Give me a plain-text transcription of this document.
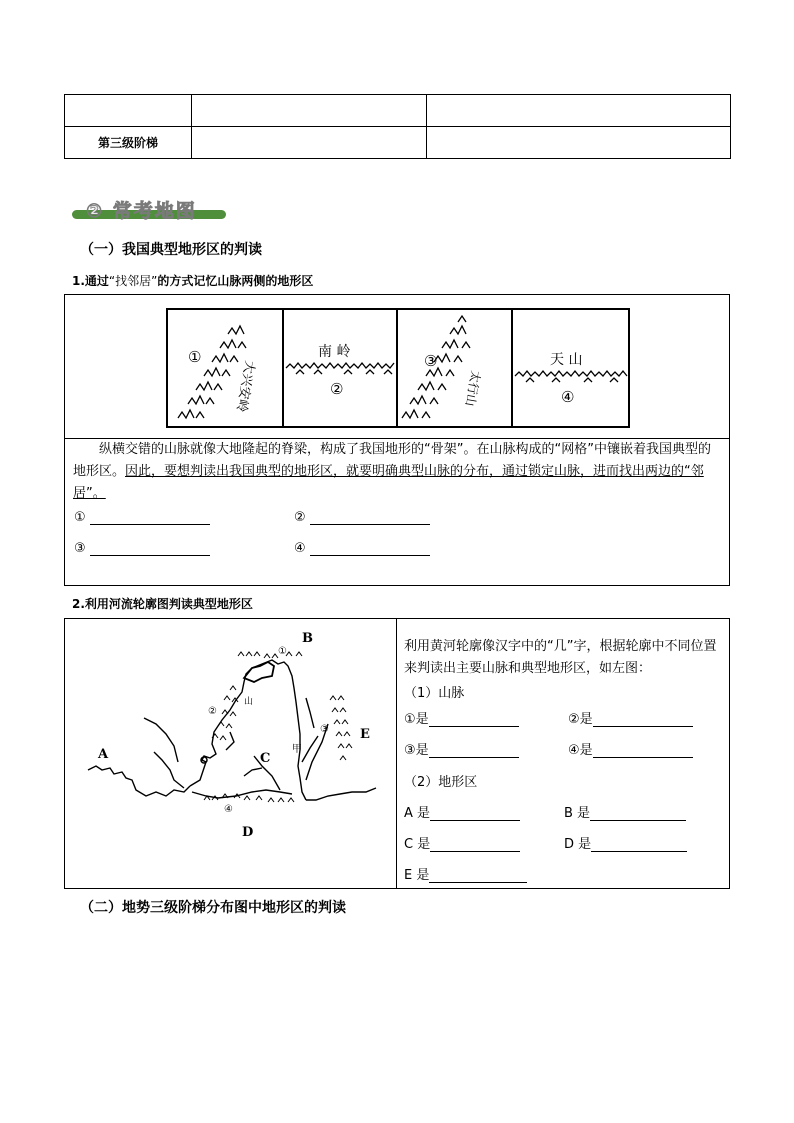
第三级阶梯		
② 常考地图
（一）我国典型地形区的判读
1.通过“找邻居”的方式记忆山脉两侧的地形区
①
大兴安岭
南 岭
②
③
太行山
天 山
④
纵横交错的山脉就像大地隆起的脊梁，构成了我国地形的“骨架”。在山脉构成的“网格”中镶嵌着我国典型的地形区。因此，要想判读出我国典型的地形区，就要明确典型山脉的分布，通过锁定山脉，进而找出两边的“邻居”。
①	②
③	④
2.利用河流轮廓图判读典型地形区
B
①
②
山
③
甲
C
E
A
④
D
利用黄河轮廓像汉字中的“几”字，根据轮廓中不同位置来判读出主要山脉和典型地形区，如左图：
（1）山脉
①是	②是
③是	④是
（2）地形区
A 是	B 是
C 是	D 是
E 是
（二）地势三级阶梯分布图中地形区的判读
